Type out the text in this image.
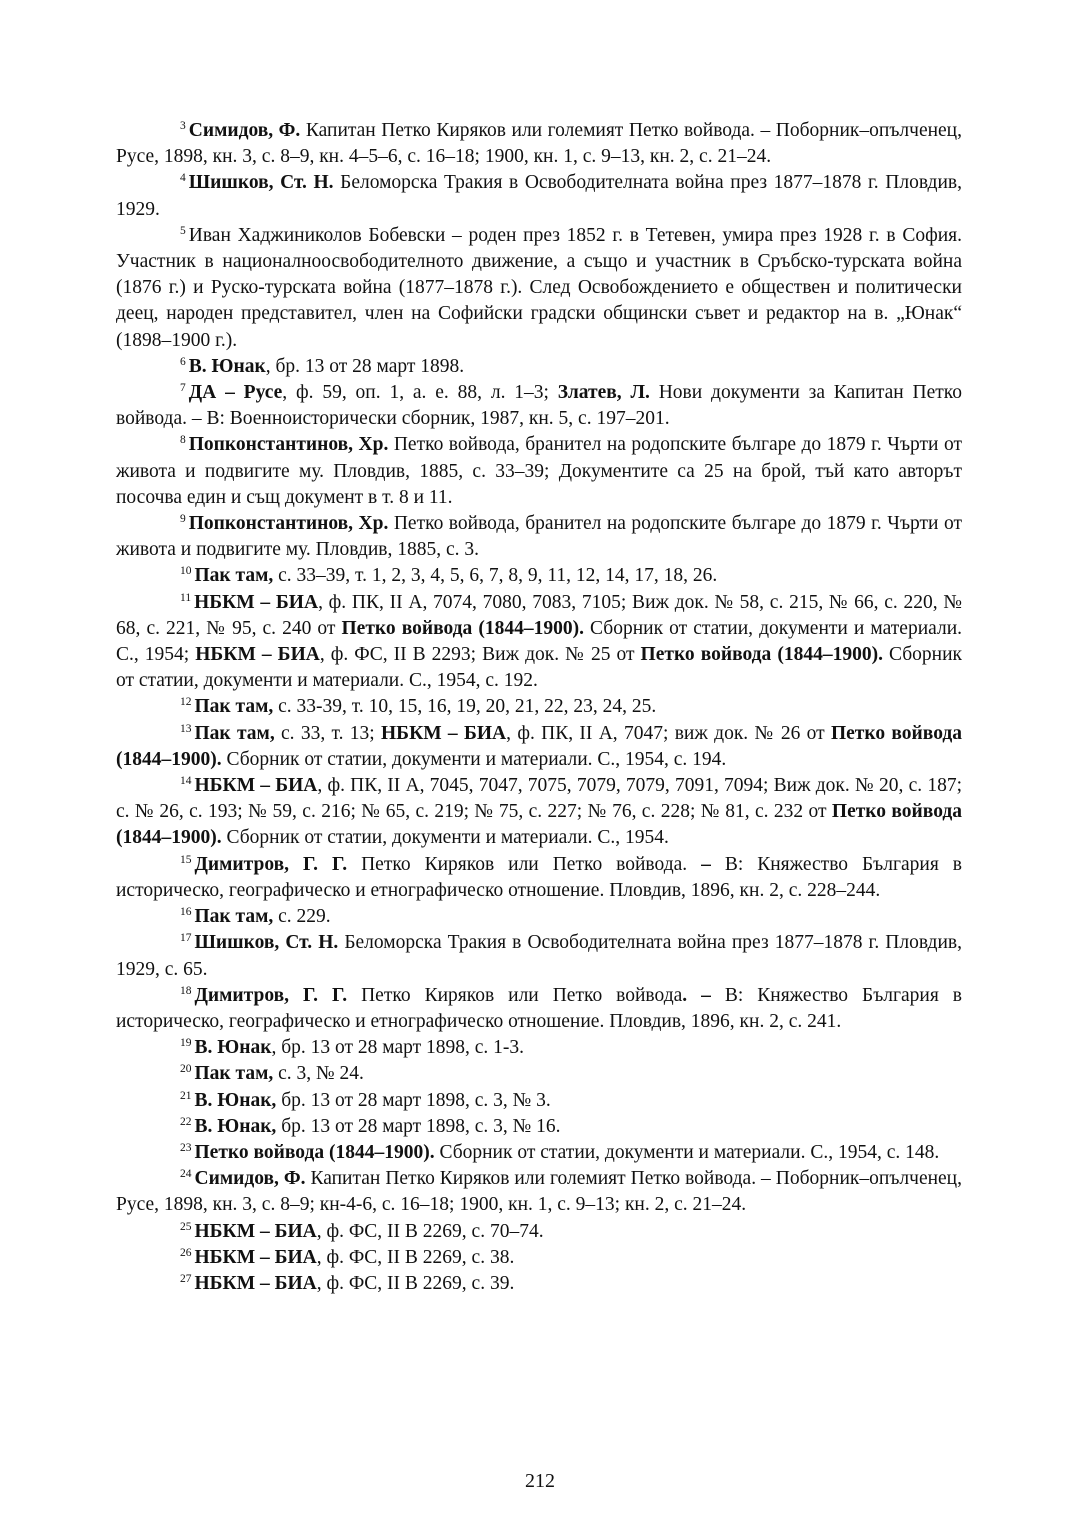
$^3$ Симидов, Ф. Капитан Петко Киряков или големият Петко войвода. – Поборник–опълченец, Русе, 1898, кн. 3, с. 8–9, кн. 4–5–6, с. 16–18; 1900, кн. 1, с. 9–13, кн. 2, с. 21–24.

$^4$ Шишков, Ст. Н. Беломорска Тракия в Освободителната война през 1877–1878 г. Пловдив, 1929.

$^5$ Иван Хаджиниколов Бобевски – роден през 1852 г. в Тетевен, умира през 1928 г. в София. Участник в националноосвободителното движение, а също и участник в Сръбско-турската война (1876 г.) и Руско-турската война (1877–1878 г.). След Освобождението е обществен и политически деец, народен представител, член на Софийски градски общински съвет и редактор на в. „Юнак“ (1898–1900 г.).

$^6$ В. Юнак, бр. 13 от 28 март 1898.

$^7$ ДА – Русе, ф. 59, оп. 1, а. е. 88, л. 1–3; Златев, Л. Нови документи за Капитан Петко войвода. – В: Военноисторически сборник, 1987, кн. 5, с. 197–201.

$^8$ Попконстантинов, Хр. Петко войвода, бранител на родопските българе до 1879 г. Чърти от живота и подвигите му. Пловдив, 1885, с. 33–39; Документите са 25 на брой, тъй като авторът посочва един и същ документ в т. 8 и 11.

$^9$ Попконстантинов, Хр. Петко войвода, бранител на родопските българе до 1879 г. Чърти от живота и подвигите му. Пловдив, 1885, с. 3.

$^{10}$ Пак там, с. 33–39, т. 1, 2, 3, 4, 5, 6, 7, 8, 9, 11, 12, 14, 17, 18, 26.

$^{11}$ НБКМ – БИА, ф. ПК, II А, 7074, 7080, 7083, 7105; Виж док. № 58, с. 215, № 66, с. 220, № 68, с. 221, № 95, с. 240 от Петко войвода (1844–1900). Сборник от статии, документи и материали. С., 1954; НБКМ – БИА, ф. ФС, II В 2293; Виж док. № 25 от Петко войвода (1844–1900). Сборник от статии, документи и материали. С., 1954, с. 192.

$^{12}$ Пак там, с. 33-39, т. 10, 15, 16, 19, 20, 21, 22, 23, 24, 25.

$^{13}$ Пак там, с. 33, т. 13; НБКМ – БИА, ф. ПК, II А, 7047; виж док. № 26 от Петко войвода (1844–1900). Сборник от статии, документи и материали. С., 1954, с. 194.

$^{14}$ НБКМ – БИА, ф. ПК, II А, 7045, 7047, 7075, 7079, 7079, 7091, 7094; Виж док. № 20, с. 187; с. № 26, с. 193; № 59, с. 216; № 65, с. 219; № 75, с. 227; № 76, с. 228; № 81, с. 232 от Петко войвода (1844–1900). Сборник от статии, документи и материали. С., 1954.

$^{15}$ Димитров, Г. Г. Петко Киряков или Петко войвода. – В: Княжество България в историческо, географическо и етнографическо отношение. Пловдив, 1896, кн. 2, с. 228–244.

$^{16}$ Пак там, с. 229.

$^{17}$ Шишков, Ст. Н. Беломорска Тракия в Освободителната война през 1877–1878 г. Пловдив, 1929, с. 65.

$^{18}$ Димитров, Г. Г. Петко Киряков или Петко войвода. – В: Княжество България в историческо, географическо и етнографическо отношение. Пловдив, 1896, кн. 2, с. 241.

$^{19}$ В. Юнак, бр. 13 от 28 март 1898, с. 1-3.

$^{20}$ Пак там, с. 3, № 24.

$^{21}$ В. Юнак, бр. 13 от 28 март 1898, с. 3, № 3.

$^{22}$ В. Юнак, бр. 13 от 28 март 1898, с. 3, № 16.

$^{23}$ Петко войвода (1844–1900). Сборник от статии, документи и материали. С., 1954, с. 148.

$^{24}$ Симидов, Ф. Капитан Петко Киряков или големият Петко войвода. – Поборник–опълченец, Русе, 1898, кн. 3, с. 8–9; кн-4-6, с. 16–18; 1900, кн. 1, с. 9–13; кн. 2, с. 21–24.

$^{25}$ НБКМ – БИА, ф. ФС, II В 2269, с. 70–74.

$^{26}$ НБКМ – БИА, ф. ФС, II В 2269, с. 38.

$^{27}$ НБКМ – БИА, ф. ФС, II В 2269, с. 39.

212
